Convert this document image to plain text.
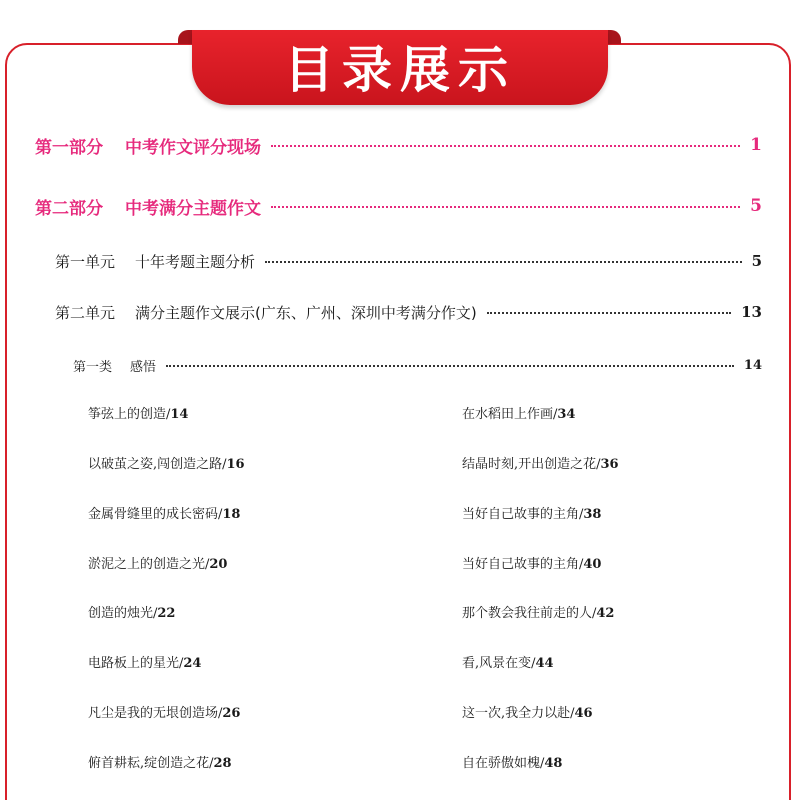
目录展示
第一部分 中考作文评分现场	1
第二部分 中考满分主题作文	5
第一单元 十年考题主题分析	5
第二单元 满分主题作文展示(广东、广州、深圳中考满分作文)	13
第一类 感悟	14
筝弦上的创造/14
以破茧之姿,闯创造之路/16
金属骨缝里的成长密码/18
淤泥之上的创造之光/20
创造的烛光/22
电路板上的星光/24
凡尘是我的无垠创造场/26
俯首耕耘,绽创造之花/28
在水稻田上作画/34
结晶时刻,开出创造之花/36
当好自己故事的主角/38
当好自己故事的主角/40
那个教会我往前走的人/42
看,风景在变/44
这一次,我全力以赴/46
自在骄傲如槐/48
